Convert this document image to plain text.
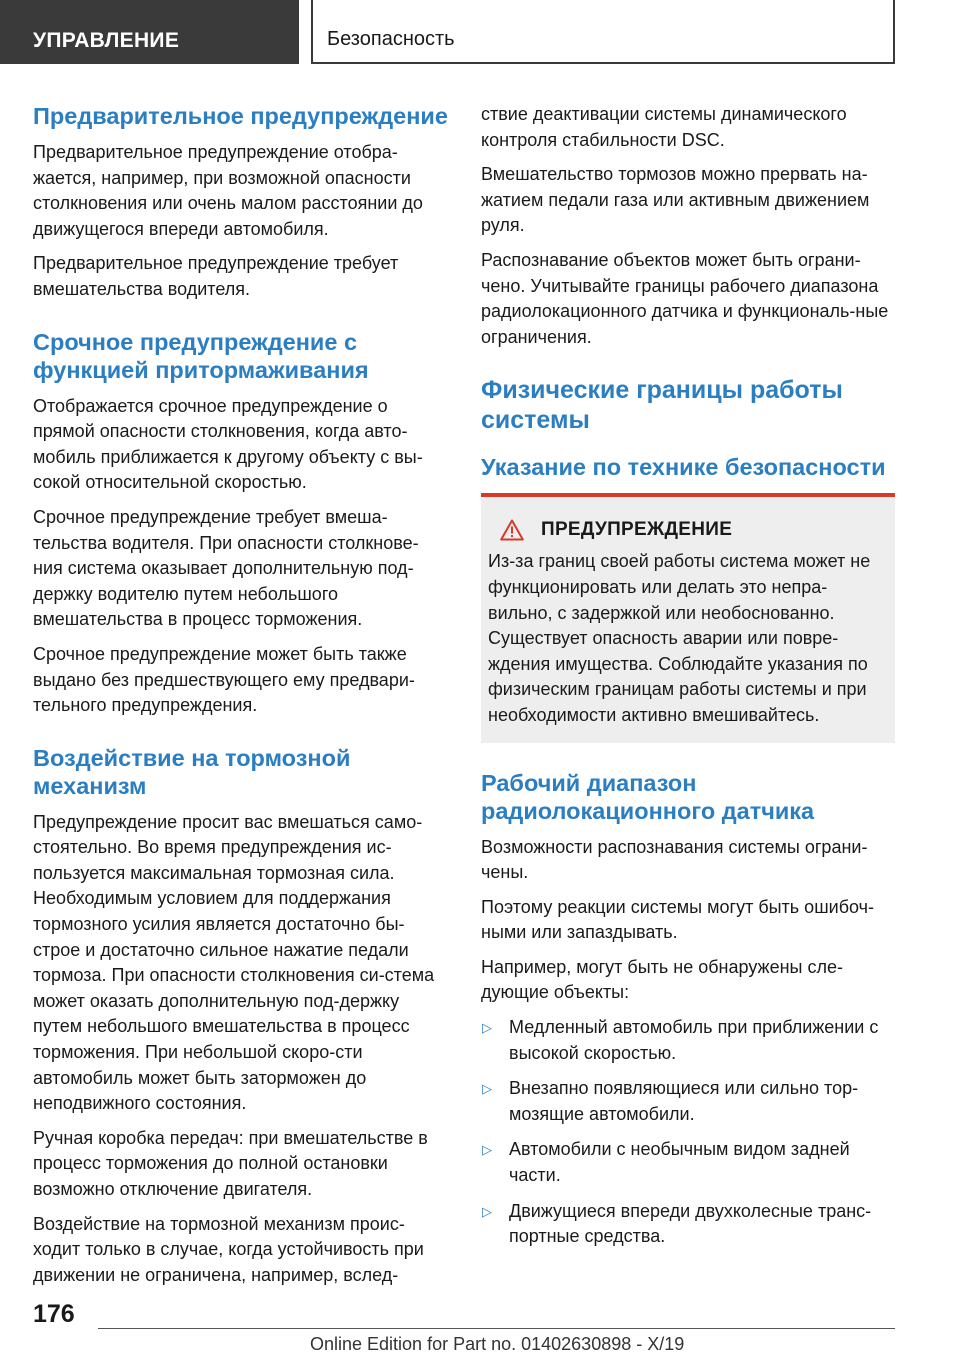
УПРАВЛЕНИЕ	Безопасность
Предварительное предупреждение

Предварительное предупреждение отобра-жается, например, при возможной опасности столкновения или очень малом расстоянии до движущегося впереди автомобиля.

Предварительное предупреждение требует вмешательства водителя.

Срочное предупреждение с функцией притормаживания

Отображается срочное предупреждение о прямой опасности столкновения, когда авто-мобиль приближается к другому объекту с вы-сокой относительной скоростью.

Срочное предупреждение требует вмеша-тельства водителя. При опасности столкнове-ния система оказывает дополнительную под-держку водителю путем небольшого вмешательства в процесс торможения.

Срочное предупреждение может быть также выдано без предшествующего ему предвари-тельного предупреждения.

Воздействие на тормозной механизм

Предупреждение просит вас вмешаться само-стоятельно. Во время предупреждения ис-пользуется максимальная тормозная сила. Необходимым условием для поддержания тормозного усилия является достаточно бы-строе и достаточно сильное нажатие педали тормоза. При опасности столкновения си-стема может оказать дополнительную под-держку путем небольшого вмешательства в процесс торможения. При небольшой скоро-сти автомобиль может быть заторможен до неподвижного состояния.

Ручная коробка передач: при вмешательстве в процесс торможения до полной остановки возможно отключение двигателя.

Воздействие на тормозной механизм проис-ходит только в случае, когда устойчивость при движении не ограничена, например, вслед-

ствие деактивации системы динамического контроля стабильности DSC.

Вмешательство тормозов можно прервать на-жатием педали газа или активным движением руля.

Распознавание объектов может быть ограни-чено. Учитывайте границы рабочего диапазона радиолокационного датчика и функциональ-ные ограничения.

Физические границы работы системы
Указание по технике безопасности
ПРЕДУПРЕЖДЕНИЕ

Из-за границ своей работы система может не функционировать или делать это непра-вильно, с задержкой или необоснованно. Существует опасность аварии или повре-ждения имущества. Соблюдайте указания по физическим границам работы системы и при необходимости активно вмешивайтесь.

Рабочий диапазон радиолокационного датчика

Возможности распознавания системы ограни-чены.

Поэтому реакции системы могут быть ошибоч-ными или запаздывать.

Например, могут быть не обнаружены сле-дующие объекты:

▷ Медленный автомобиль при приближении с высокой скоростью.
▷ Внезапно появляющиеся или сильно тор-мозящие автомобили.
▷ Автомобили с необычным видом задней части.
▷ Движущиеся впереди двухколесные транс-портные средства.
176
Online Edition for Part no. 01402630898 - X/19
